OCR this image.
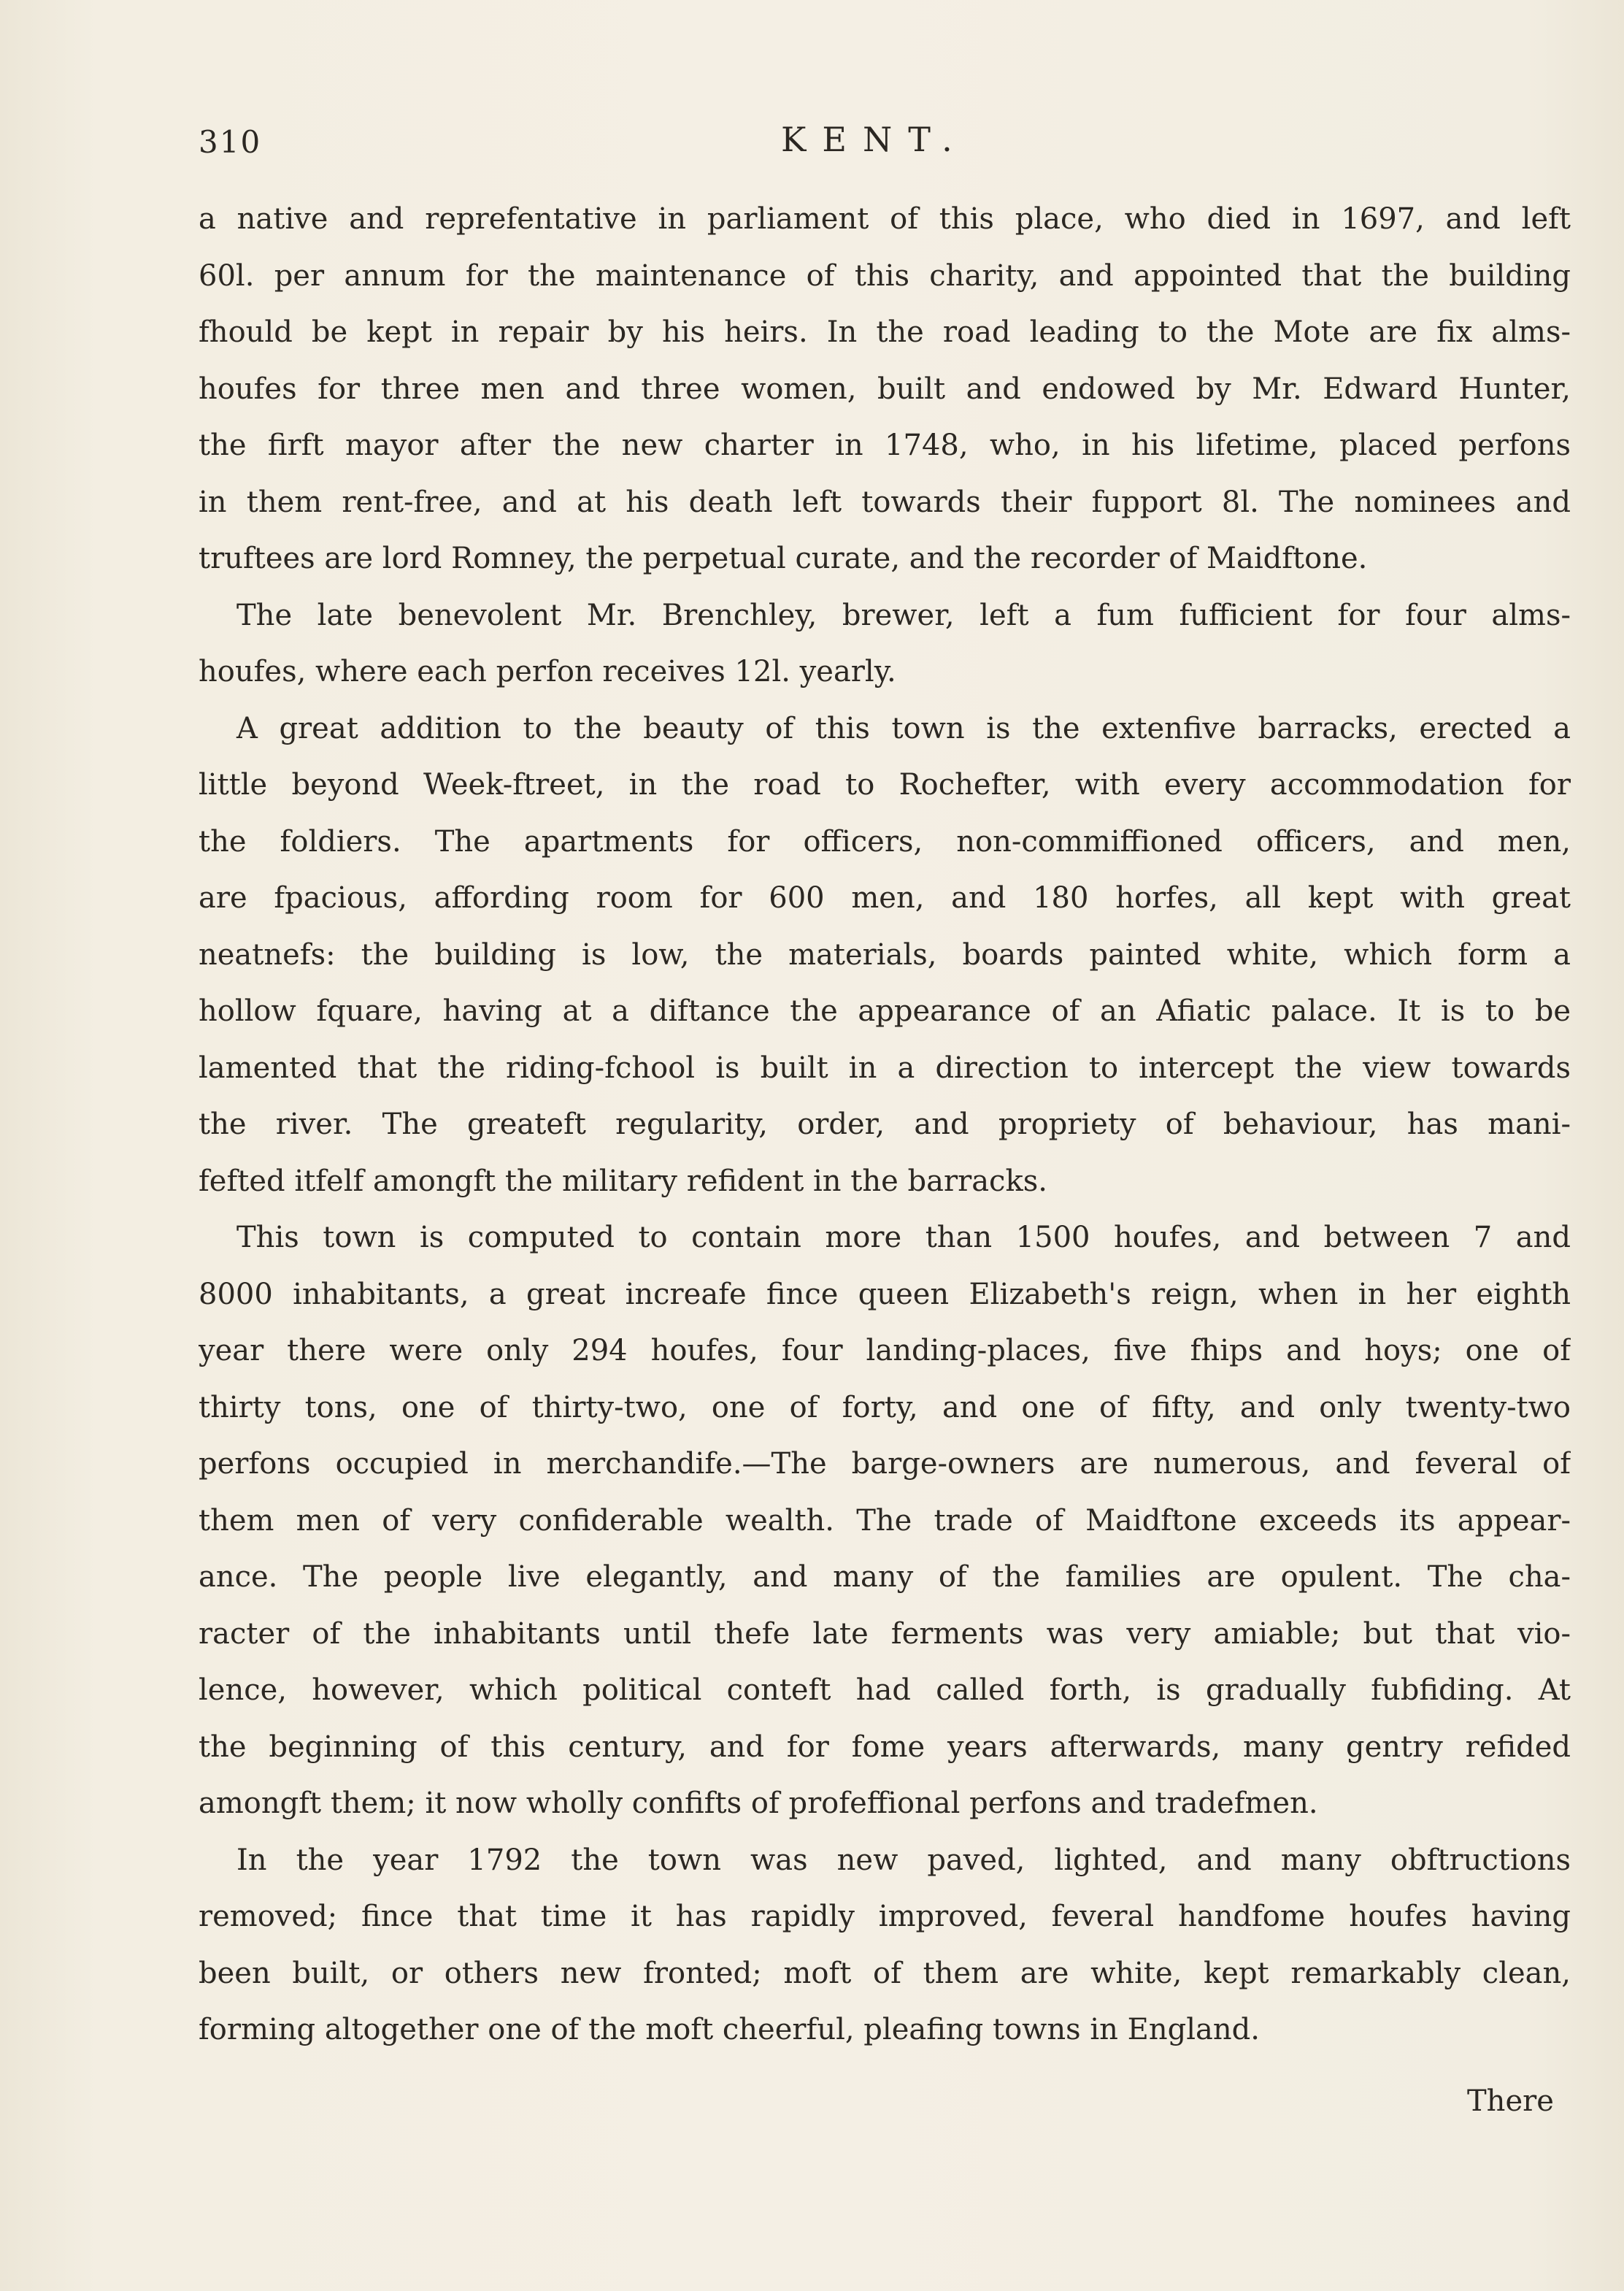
310	KENT.
a native and reprefentative in parliament of this place, who died in 1697, and left
60l. per annum for the maintenance of this charity, and appointed that the building
fhould be kept in repair by his heirs. In the road leading to the Mote are fix alms-
houfes for three men and three women, built and endowed by Mr. Edward Hunter,
the firft mayor after the new charter in 1748, who, in his lifetime, placed perfons
in them rent-free, and at his death left towards their fupport 8l. The nominees and
truftees are lord Romney, the perpetual curate, and the recorder of Maidftone.
The late benevolent Mr. Brenchley, brewer, left a fum fufficient for four alms-
houfes, where each perfon receives 12l. yearly.
A great addition to the beauty of this town is the extenfive barracks, erected a
little beyond Week-ftreet, in the road to Rochefter, with every accommodation for
the foldiers. The apartments for officers, non-commiffioned officers, and men,
are fpacious, affording room for 600 men, and 180 horfes, all kept with great
neatnefs: the building is low, the materials, boards painted white, which form a
hollow fquare, having at a diftance the appearance of an Afiatic palace. It is to be
lamented that the riding-fchool is built in a direction to intercept the view towards
the river. The greateft regularity, order, and propriety of behaviour, has mani-
fefted itfelf amongft the military refident in the barracks.
This town is computed to contain more than 1500 houfes, and between 7 and
8000 inhabitants, a great increafe fince queen Elizabeth's reign, when in her eighth
year there were only 294 houfes, four landing-places, five fhips and hoys; one of
thirty tons, one of thirty-two, one of forty, and one of fifty, and only twenty-two
perfons occupied in merchandife.—The barge-owners are numerous, and feveral of
them men of very confiderable wealth. The trade of Maidftone exceeds its appear-
ance. The people live elegantly, and many of the families are opulent. The cha-
racter of the inhabitants until thefe late ferments was very amiable; but that vio-
lence, however, which political conteft had called forth, is gradually fubfiding. At
the beginning of this century, and for fome years afterwards, many gentry refided
amongft them; it now wholly confifts of profeffional perfons and tradefmen.
In the year 1792 the town was new paved, lighted, and many obftructions
removed; fince that time it has rapidly improved, feveral handfome houfes having
been built, or others new fronted; moft of them are white, kept remarkably clean,
forming altogether one of the moft cheerful, pleafing towns in England.
There
